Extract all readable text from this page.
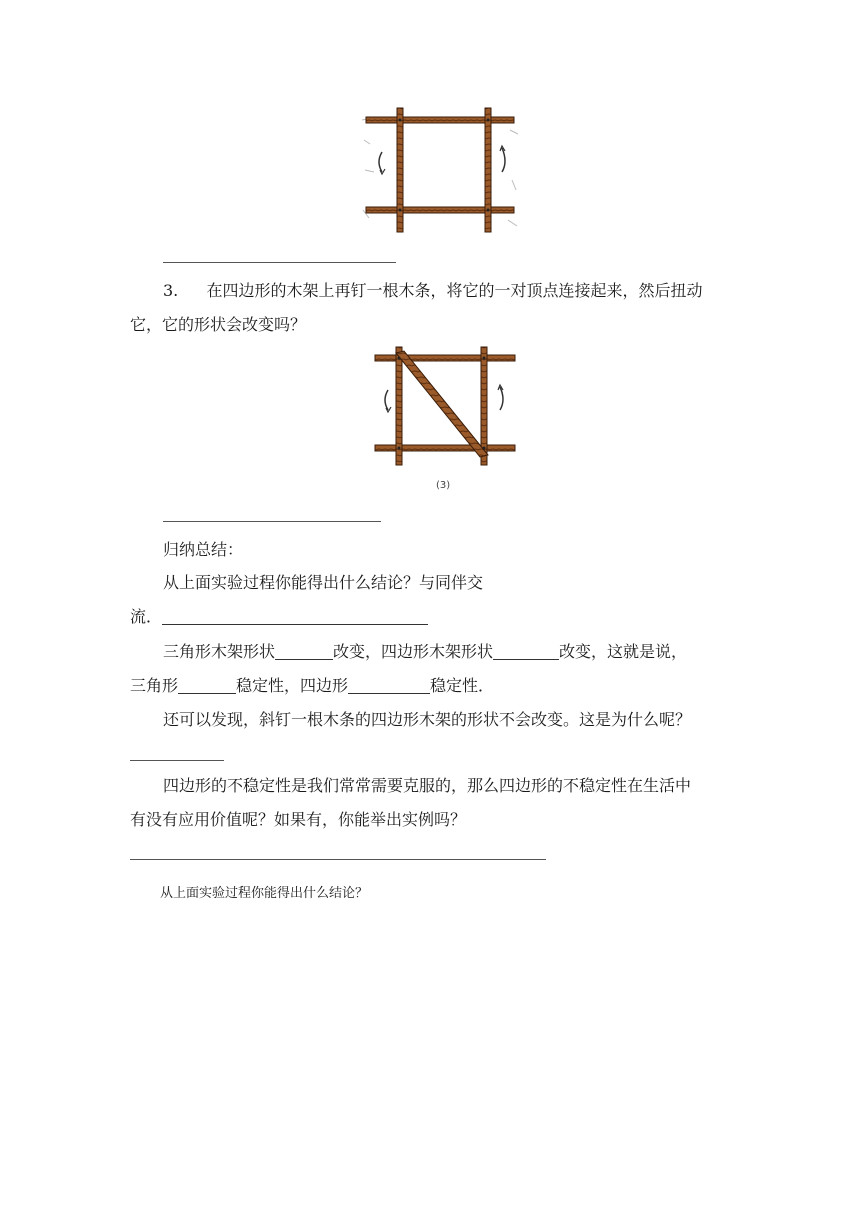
3. 在四边形的木架上再钉一根木条，将它的一对顶点连接起来，然后扭动
它，它的形状会改变吗？
(3)
归纳总结：
从上面实验过程你能得出什么结论？与同伴交
流．
三角形木架形状	改变，四边形木架形状	改变，这就是说，
三角形	稳定性，四边形	稳定性．
还可以发现，斜钉一根木条的四边形木架的形状不会改变。这是为什么呢？
四边形的不稳定性是我们常常需要克服的，那么四边形的不稳定性在生活中
有没有应用价值呢？如果有，你能举出实例吗？
从上面实验过程你能得出什么结论？
